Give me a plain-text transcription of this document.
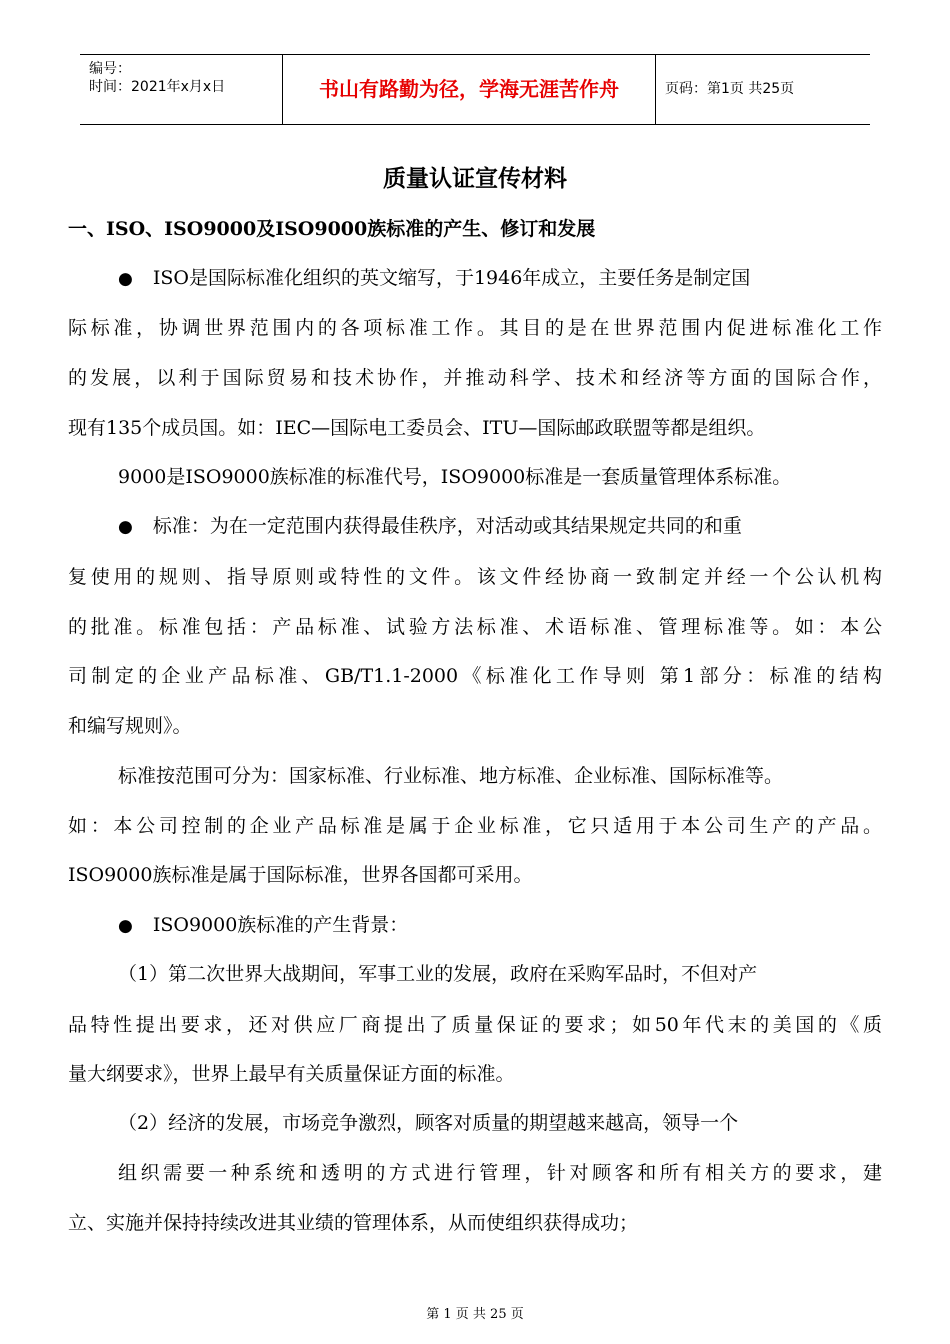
编号：
时间：2021年x月x日	书山有路勤为径，学海无涯苦作舟	页码：第1页 共25页
质量认证宣传材料
一、ISO、ISO9000及ISO9000族标准的产生、修订和发展
● ISO是国际标准化组织的英文缩写，于1946年成立，主要任务是制定国
际标准，协调世界范围内的各项标准工作。其目的是在世界范围内促进标准化工作
的发展，以利于国际贸易和技术协作，并推动科学、技术和经济等方面的国际合作，
现有135个成员国。如：IEC—国际电工委员会、ITU—国际邮政联盟等都是组织。
9000是ISO9000族标准的标准代号，ISO9000标准是一套质量管理体系标准。
● 标准：为在一定范围内获得最佳秩序，对活动或其结果规定共同的和重
复使用的规则、指导原则或特性的文件。该文件经协商一致制定并经一个公认机构
的批准。标准包括：产品标准、试验方法标准、术语标准、管理标准等。如：本公
司制定的企业产品标准、GB/T1.1-2000《标准化工作导则 第1部分：标准的结构
和编写规则》。
标准按范围可分为：国家标准、行业标准、地方标准、企业标准、国际标准等。
如：本公司控制的企业产品标准是属于企业标准，它只适用于本公司生产的产品。
ISO9000族标准是属于国际标准，世界各国都可采用。
● ISO9000族标准的产生背景：
（1）第二次世界大战期间，军事工业的发展，政府在采购军品时，不但对产
品特性提出要求，还对供应厂商提出了质量保证的要求；如50年代末的美国的《质
量大纲要求》，世界上最早有关质量保证方面的标准。
（2）经济的发展，市场竞争激烈，顾客对质量的期望越来越高，领导一个
组织需要一种系统和透明的方式进行管理，针对顾客和所有相关方的要求，建
立、实施并保持持续改进其业绩的管理体系，从而使组织获得成功；
第 1 页 共 25 页
